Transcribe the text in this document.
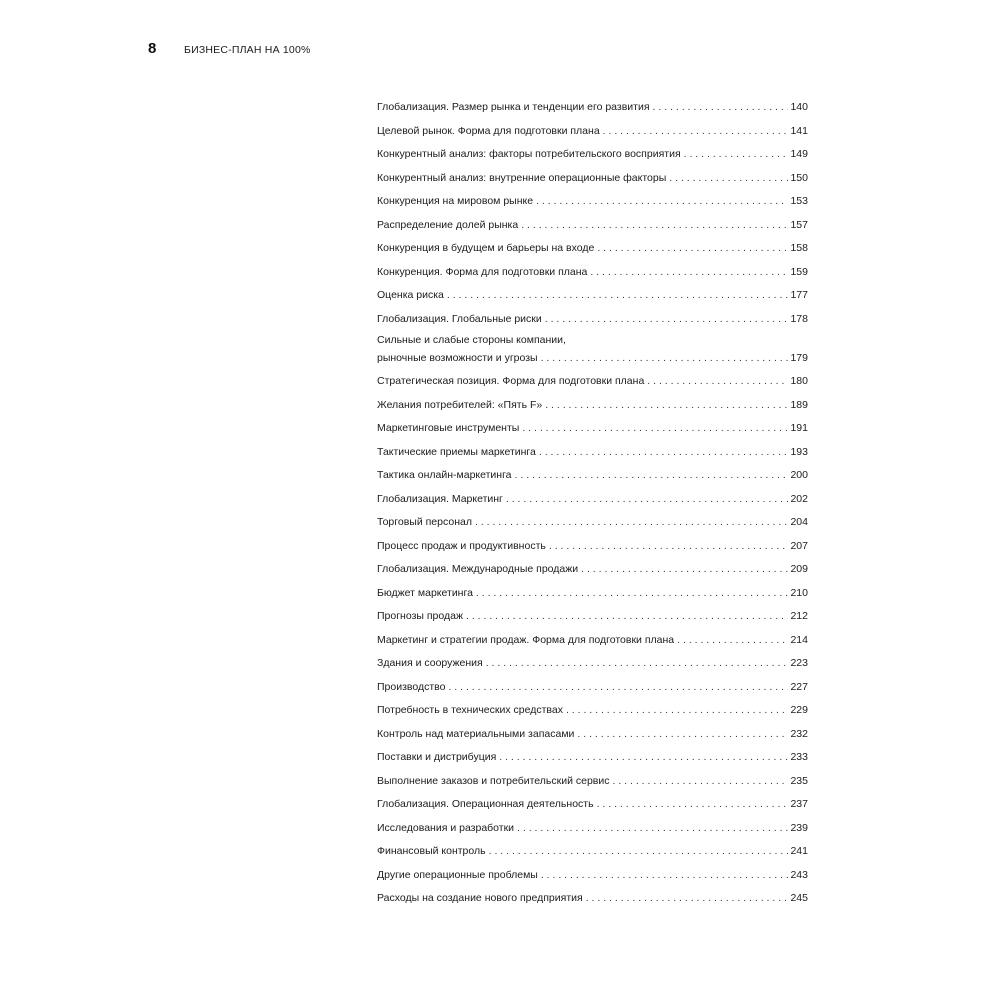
8	БИЗНЕС-ПЛАН НА 100%
Глобализация. Размер рынка и тенденции его развития . . .	140
Целевой рынок. Форма для подготовки плана . . .	141
Конкурентный анализ: факторы потребительского восприятия . . .	149
Конкурентный анализ: внутренние операционные факторы . . .	150
Конкуренция на мировом рынке . . .	153
Распределение долей рынка . . .	157
Конкуренция в будущем и барьеры на входе . . .	158
Конкуренция. Форма для подготовки плана . . .	159
Оценка риска . . .	177
Глобализация. Глобальные риски . . .	178
Сильные и слабые стороны компании,
рыночные возможности и угрозы . . .	179
Стратегическая позиция. Форма для подготовки плана . . .	180
Желания потребителей: «Пять F» . . .	189
Маркетинговые инструменты . . .	191
Тактические приемы маркетинга . . .	193
Тактика онлайн-маркетинга . . .	200
Глобализация. Маркетинг . . .	202
Торговый персонал . . .	204
Процесс продаж и продуктивность . . .	207
Глобализация. Международные продажи . . .	209
Бюджет маркетинга . . .	210
Прогнозы продаж . . .	212
Маркетинг и стратегии продаж. Форма для подготовки плана . . .	214
Здания и сооружения . . .	223
Производство . . .	227
Потребность в технических средствах . . .	229
Контроль над материальными запасами . . .	232
Поставки и дистрибуция . . .	233
Выполнение заказов и потребительский сервис . . .	235
Глобализация. Операционная деятельность . . .	237
Исследования и разработки . . .	239
Финансовый контроль . . .	241
Другие операционные проблемы . . .	243
Расходы на создание нового предприятия . . .	245
